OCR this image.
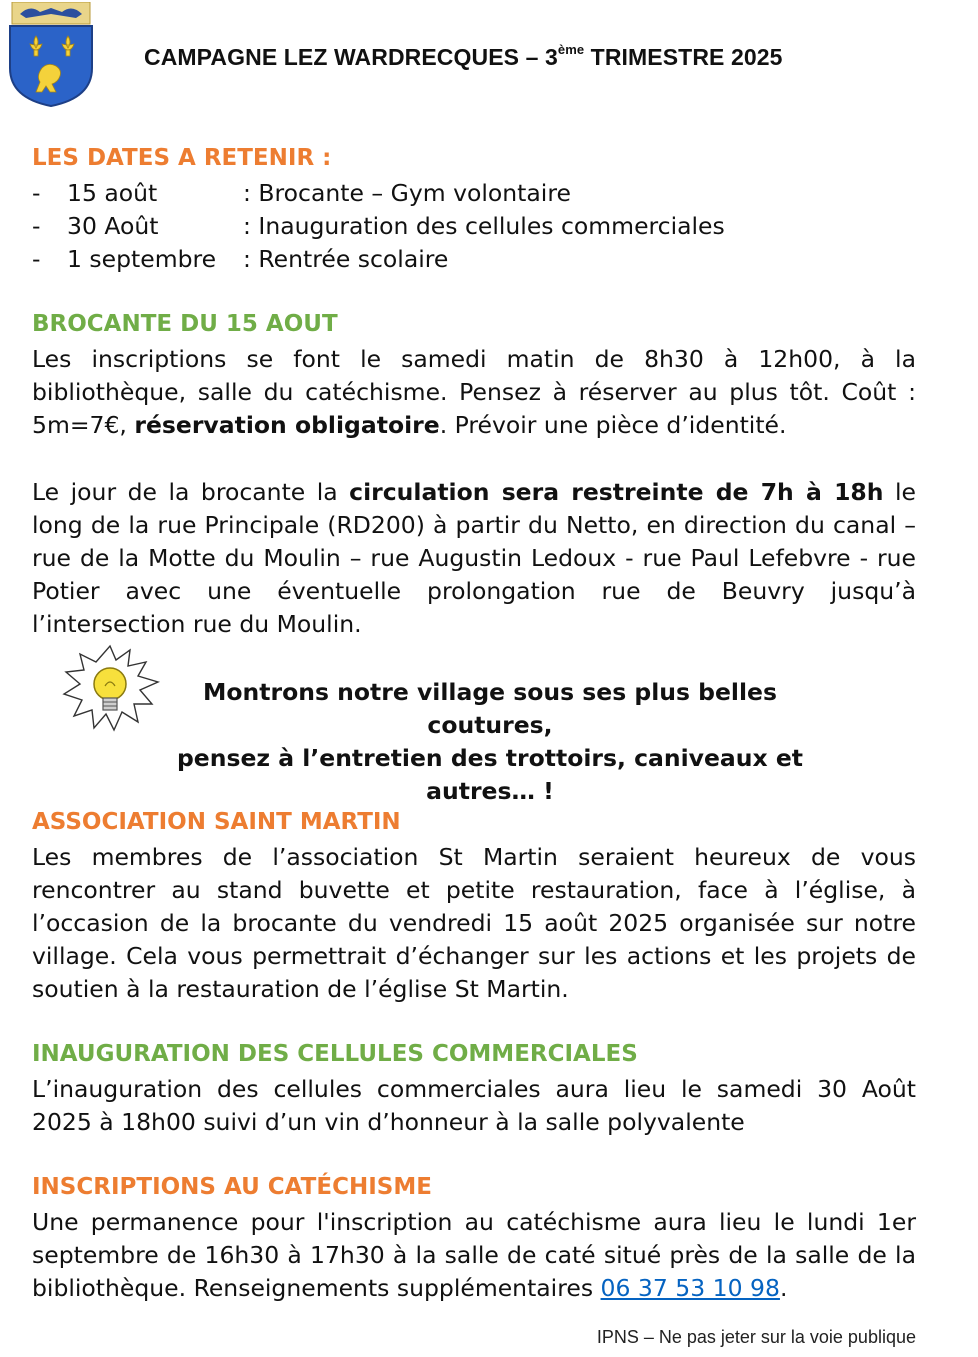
CAMPAGNE LEZ WARDRECQUES – 3ème TRIMESTRE 2025
LES DATES A RETENIR :
- 15 août	: Brocante – Gym volontaire
- 30 Août	: Inauguration des cellules commerciales
- 1 septembre : Rentrée scolaire
BROCANTE DU 15 AOUT
Les inscriptions se font le samedi matin de 8h30 à 12h00, à la bibliothèque, salle du catéchisme. Pensez à réserver au plus tôt. Coût : 5m=7€, réservation obligatoire. Prévoir une pièce d’identité.
Le jour de la brocante la circulation sera restreinte de 7h à 18h le long de la rue Principale (RD200) à partir du Netto, en direction du canal – rue de la Motte du Moulin – rue Augustin Ledoux - rue Paul Lefebvre - rue Potier avec une éventuelle prolongation rue de Beuvry jusqu’à l’intersection rue du Moulin.
Montrons notre village sous ses plus belles coutures,
pensez à l’entretien des trottoirs, caniveaux et
autres… !
ASSOCIATION SAINT MARTIN
Les membres de l’association St Martin seraient heureux de vous rencontrer au stand buvette et petite restauration, face à l’église, à l’occasion de la brocante du vendredi 15 août 2025 organisée sur notre village. Cela vous permettrait d’échanger sur les actions et les projets de soutien à la restauration de l’église St Martin.
INAUGURATION DES CELLULES COMMERCIALES
L’inauguration des cellules commerciales aura lieu le samedi 30 Août 2025 à 18h00 suivi d’un vin d’honneur à la salle polyvalente
INSCRIPTIONS AU CATÉCHISME
Une permanence pour l'inscription au catéchisme aura lieu le lundi 1er septembre de 16h30 à 17h30 à la salle de caté situé près de la salle de la bibliothèque. Renseignements supplémentaires 06 37 53 10 98.
IPNS – Ne pas jeter sur la voie publique
